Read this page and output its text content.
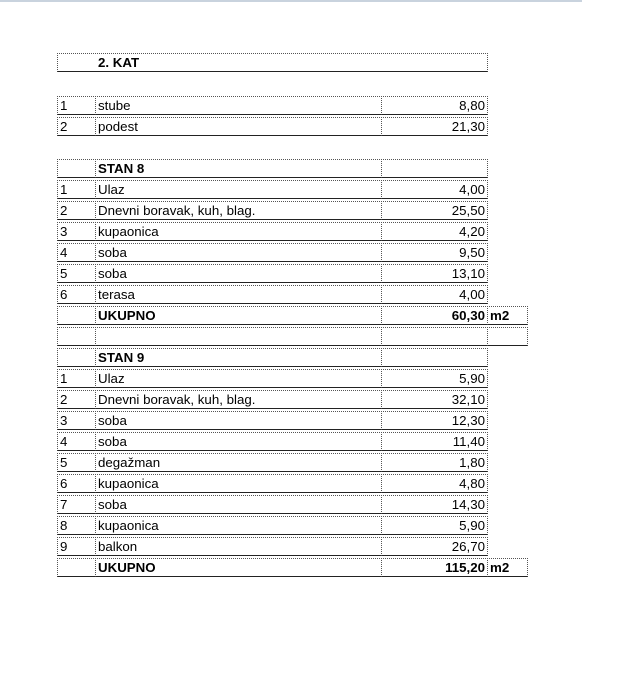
2. KAT
1	stube	8,80
2	podest	21,30
STAN 8
1	Ulaz	4,00
2	Dnevni boravak, kuh, blag.	25,50
3	kupaonica	4,20
4	soba	9,50
5	soba	13,10
6	terasa	4,00
UKUPNO	60,30 m2
STAN 9
1	Ulaz	5,90
2	Dnevni boravak, kuh, blag.	32,10
3	soba	12,30
4	soba	11,40
5	degažman	1,80
6	kupaonica	4,80
7	soba	14,30
8	kupaonica	5,90
9	balkon	26,70
UKUPNO	115,20 m2
